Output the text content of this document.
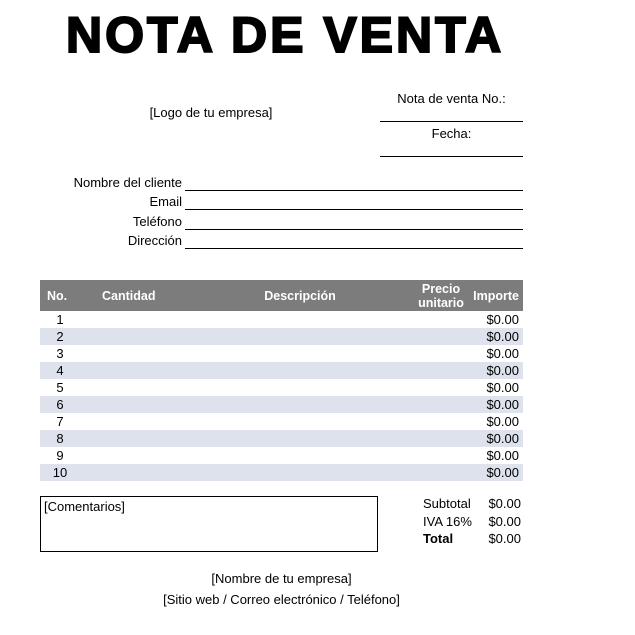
NOTA DE VENTA
[Logo de tu empresa]
Nota de venta No.:
Fecha:
Nombre del cliente
Email
Teléfono
Dirección
No.	Cantidad	Descripción	Precio unitario	Importe
1				$0.00
2				$0.00
3				$0.00
4				$0.00
5				$0.00
6				$0.00
7				$0.00
8				$0.00
9				$0.00
10				$0.00
[Comentarios]	Subtotal $0.00
IVA 16% $0.00
Total	$0.00
[Nombre de tu empresa]
[Sitio web / Correo electrónico / Teléfono]
